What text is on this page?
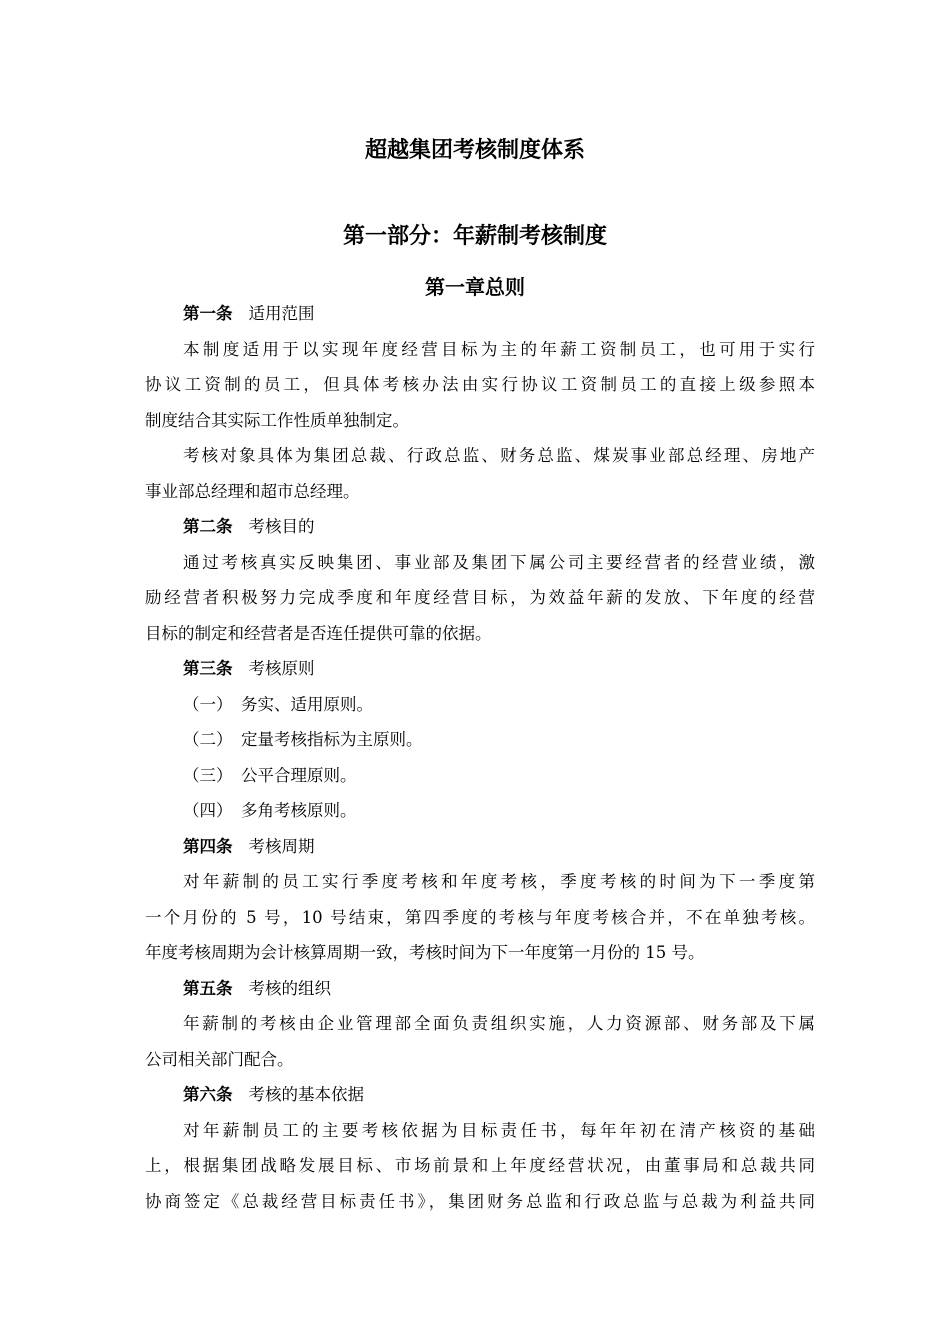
超越集团考核制度体系
第一部分：年薪制考核制度
第一章总则
第一条 适用范围
本制度适用于以实现年度经营目标为主的年薪工资制员工，也可用于实行
协议工资制的员工，但具体考核办法由实行协议工资制员工的直接上级参照本
制度结合其实际工作性质单独制定。
考核对象具体为集团总裁、行政总监、财务总监、煤炭事业部总经理、房地产
事业部总经理和超市总经理。
第二条 考核目的
通过考核真实反映集团、事业部及集团下属公司主要经营者的经营业绩，激
励经营者积极努力完成季度和年度经营目标，为效益年薪的发放、下年度的经营
目标的制定和经营者是否连任提供可靠的依据。
第三条 考核原则
（一） 务实、适用原则。
（二） 定量考核指标为主原则。
（三） 公平合理原则。
（四） 多角考核原则。
第四条 考核周期
对年薪制的员工实行季度考核和年度考核，季度考核的时间为下一季度第
一个月份的 5 号，10 号结束，第四季度的考核与年度考核合并，不在单独考核。
年度考核周期为会计核算周期一致，考核时间为下一年度第一月份的 15 号。
第五条 考核的组织
年薪制的考核由企业管理部全面负责组织实施，人力资源部、财务部及下属
公司相关部门配合。
第六条 考核的基本依据
对年薪制员工的主要考核依据为目标责任书，每年年初在清产核资的基础
上，根据集团战略发展目标、市场前景和上年度经营状况，由董事局和总裁共同
协商签定《总裁经营目标责任书》，集团财务总监和行政总监与总裁为利益共同
